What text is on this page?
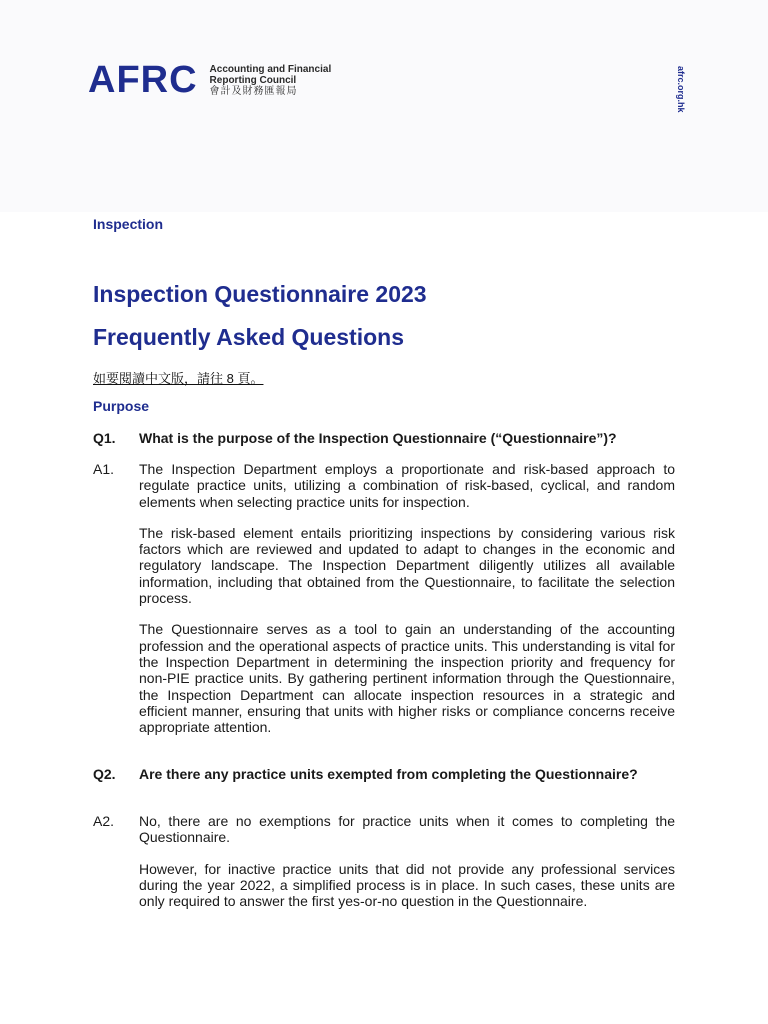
AFRC Accounting and Financial
Reporting Council
會計及財務匯報局	afrc.org.hk
Inspection
Inspection Questionnaire 2023
Frequently Asked Questions
如要閱讀中文版，請往 8 頁。
Purpose
Q1.	What is the purpose of the Inspection Questionnaire (“Questionnaire”)?
A1.	The Inspection Department employs a proportionate and risk-based approach to regulate practice units, utilizing a combination of risk-based, cyclical, and random elements when selecting practice units for inspection.

The risk-based element entails prioritizing inspections by considering various risk factors which are reviewed and updated to adapt to changes in the economic and regulatory landscape. The Inspection Department diligently utilizes all available information, including that obtained from the Questionnaire, to facilitate the selection process.

The Questionnaire serves as a tool to gain an understanding of the accounting profession and the operational aspects of practice units. This understanding is vital for the Inspection Department in determining the inspection priority and frequency for non-PIE practice units. By gathering pertinent information through the Questionnaire, the Inspection Department can allocate inspection resources in a strategic and efficient manner, ensuring that units with higher risks or compliance concerns receive appropriate attention.

Q2.	Are there any practice units exempted from completing the Questionnaire?
A2.	No, there are no exemptions for practice units when it comes to completing the Questionnaire.

However, for inactive practice units that did not provide any professional services during the year 2022, a simplified process is in place. In such cases, these units are only required to answer the first yes-or-no question in the Questionnaire.
